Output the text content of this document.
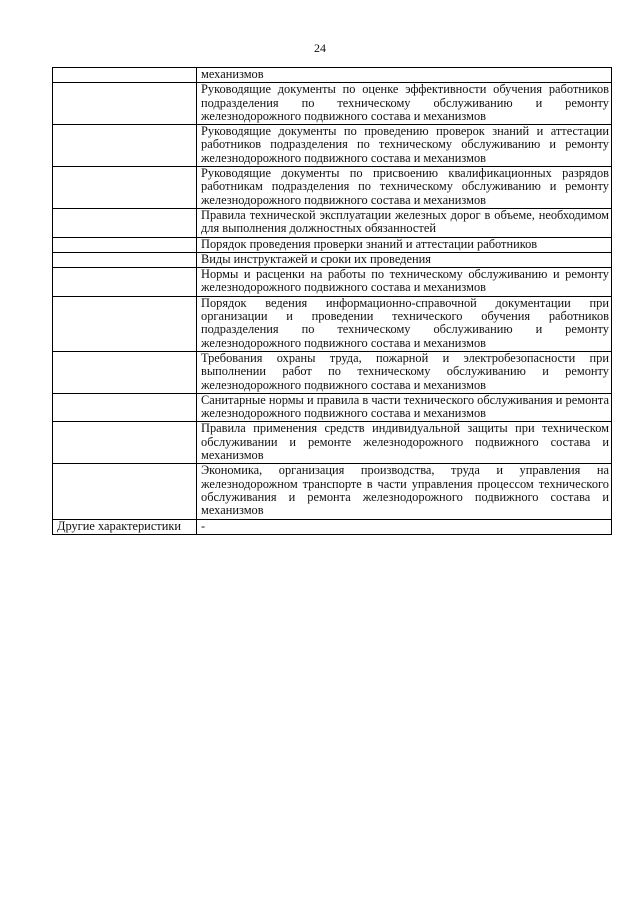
24
	механизмов
	Руководящие документы по оценке эффективности обучения работников подразделения по техническому обслуживанию и ремонту железнодорожного подвижного состава и механизмов
	Руководящие документы по проведению проверок знаний и аттестации работников подразделения по техническому обслуживанию и ремонту железнодорожного подвижного состава и механизмов
	Руководящие документы по присвоению квалификационных разрядов работникам подразделения по техническому обслуживанию и ремонту железнодорожного подвижного состава и механизмов
	Правила технической эксплуатации железных дорог в объеме, необходимом для выполнения должностных обязанностей
	Порядок проведения проверки знаний и аттестации работников
	Виды инструктажей и сроки их проведения
	Нормы и расценки на работы по техническому обслуживанию и ремонту железнодорожного подвижного состава и механизмов
	Порядок ведения информационно-справочной документации при организации и проведении технического обучения работников подразделения по техническому обслуживанию и ремонту железнодорожного подвижного состава и механизмов
	Требования охраны труда, пожарной и электробезопасности при выполнении работ по техническому обслуживанию и ремонту железнодорожного подвижного состава и механизмов
	Санитарные нормы и правила в части технического обслуживания и ремонта железнодорожного подвижного состава и механизмов
	Правила применения средств индивидуальной защиты при техническом обслуживании и ремонте железнодорожного подвижного состава и механизмов
	Экономика, организация производства, труда и управления на железнодорожном транспорте в части управления процессом технического обслуживания и ремонта железнодорожного подвижного состава и механизмов
Другие характеристики	-
